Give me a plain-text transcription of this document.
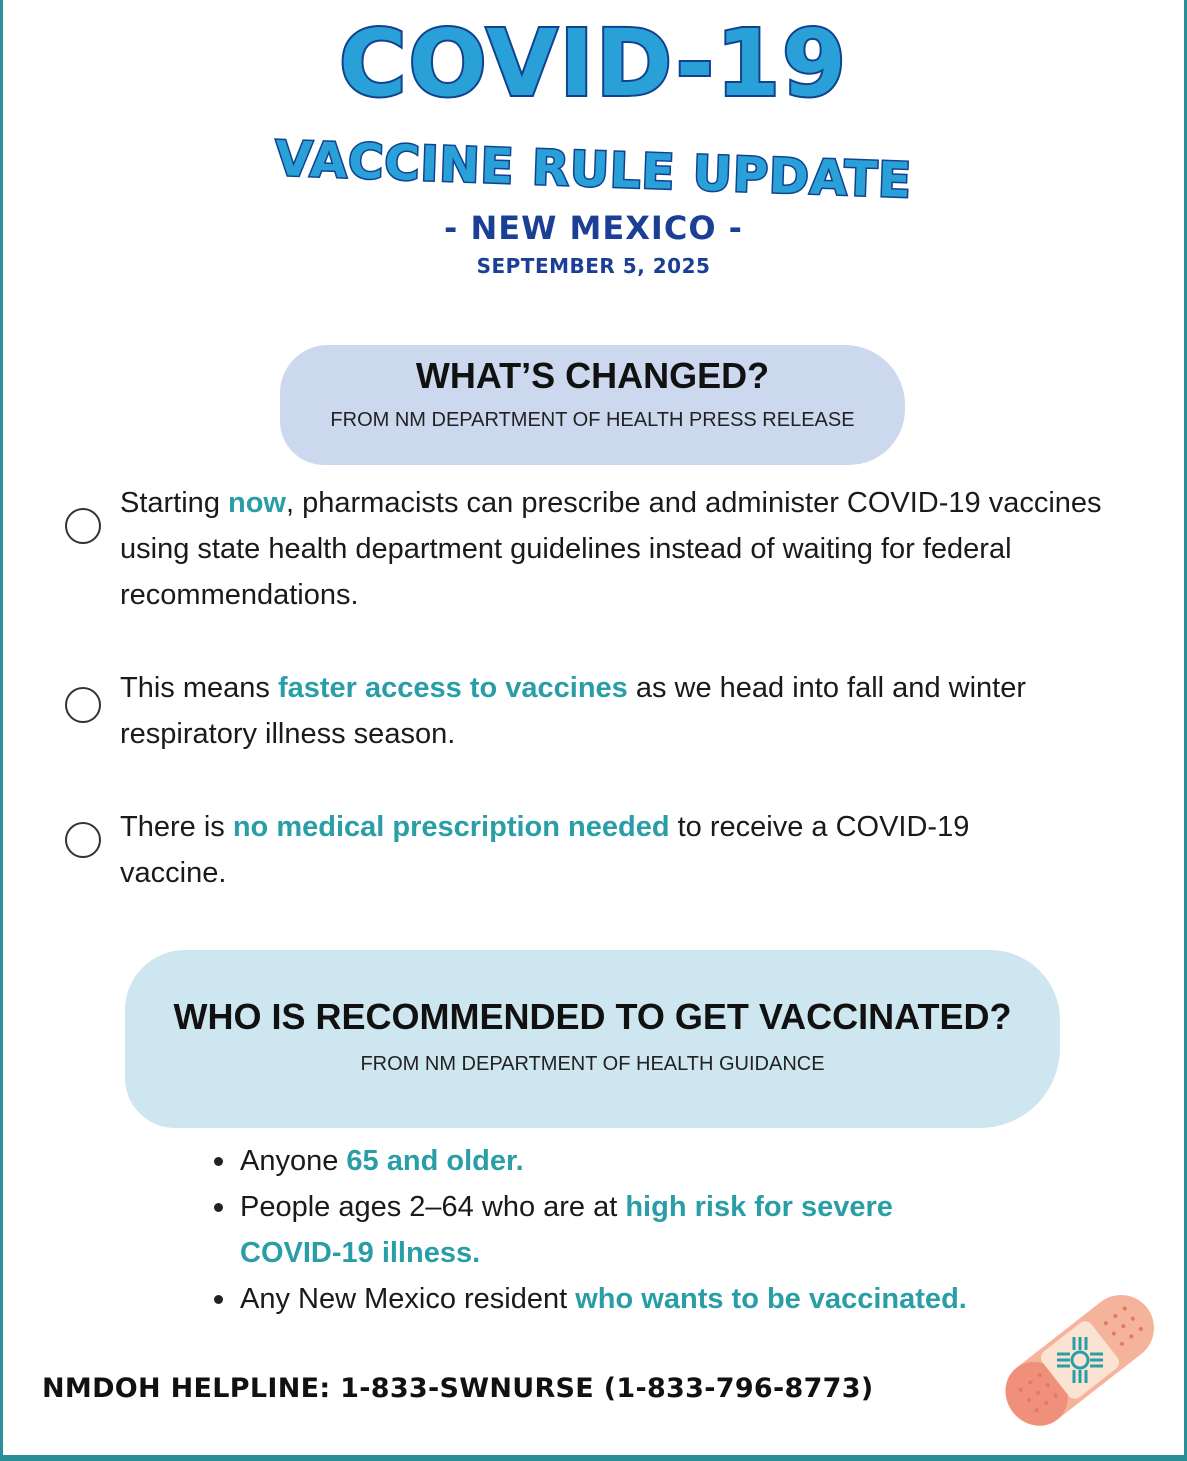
COVID-19
VACCINE RULE UPDATE
- NEW MEXICO -
SEPTEMBER 5, 2025
WHAT’S CHANGED?
FROM NM DEPARTMENT OF HEALTH PRESS RELEASE
Starting now, pharmacists can prescribe and administer COVID-19 vaccines using state health department guidelines instead of waiting for federal recommendations.
This means faster access to vaccines as we head into fall and winter respiratory illness season.
There is no medical prescription needed to receive a COVID-19 vaccine.
WHO IS RECOMMENDED TO GET VACCINATED?
FROM NM DEPARTMENT OF HEALTH GUIDANCE
Anyone 65 and older.
People ages 2–64 who are at high risk for severe COVID-19 illness.
Any New Mexico resident who wants to be vaccinated.
NMDOH HELPLINE: 1-833-SWNURSE (1-833-796-8773)
